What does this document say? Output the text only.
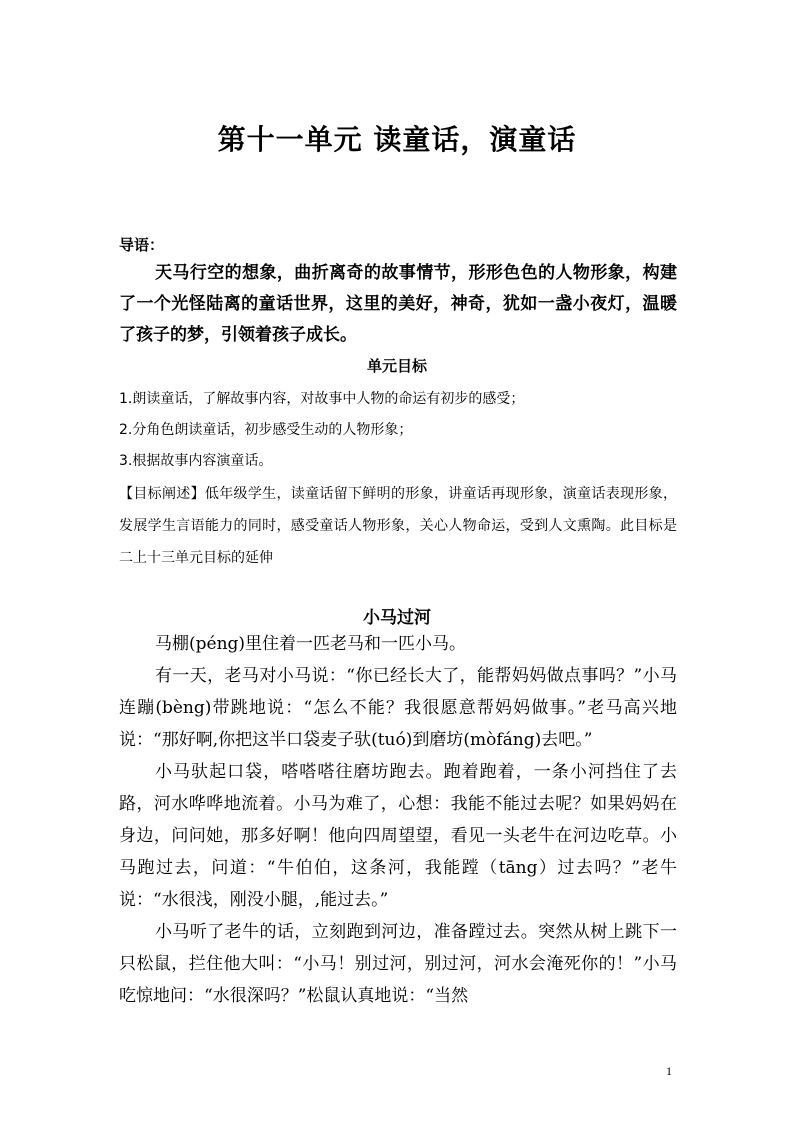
第十一单元 读童话，演童话
导语：

天马行空的想象，曲折离奇的故事情节，形形色色的人物形象，构建了一个光怪陆离的童话世界，这里的美好，神奇，犹如一盏小夜灯，温暖了孩子的梦，引领着孩子成长。

单元目标
1.朗读童话，了解故事内容，对故事中人物的命运有初步的感受；
2.分角色朗读童话，初步感受生动的人物形象；
3.根据故事内容演童话。

【目标阐述】低年级学生，读童话留下鲜明的形象，讲童话再现形象，演童话表现形象，发展学生言语能力的同时，感受童话人物形象，关心人物命运，受到人文熏陶。此目标是二上十三单元目标的延伸

小马过河

马棚(péng)里住着一匹老马和一匹小马。

有一天，老马对小马说：“你已经长大了，能帮妈妈做点事吗？”小马连蹦(bèng)带跳地说：“怎么不能？我很愿意帮妈妈做事。”老马高兴地说：“那好啊,你把这半口袋麦子驮(tuó)到磨坊(mòfáng)去吧。”

小马驮起口袋，嗒嗒嗒往磨坊跑去。跑着跑着，一条小河挡住了去路，河水哗哗地流着。小马为难了，心想：我能不能过去呢？如果妈妈在身边，问问她，那多好啊！他向四周望望，看见一头老牛在河边吃草。小马跑过去，问道：“牛伯伯，这条河，我能蹚（tāng）过去吗？”老牛说：“水很浅，刚没小腿，,能过去。”

小马听了老牛的话，立刻跑到河边，准备蹚过去。突然从树上跳下一只松鼠，拦住他大叫：“小马！别过河，别过河，河水会淹死你的！”小马吃惊地问：“水很深吗？”松鼠认真地说：“当然

1
